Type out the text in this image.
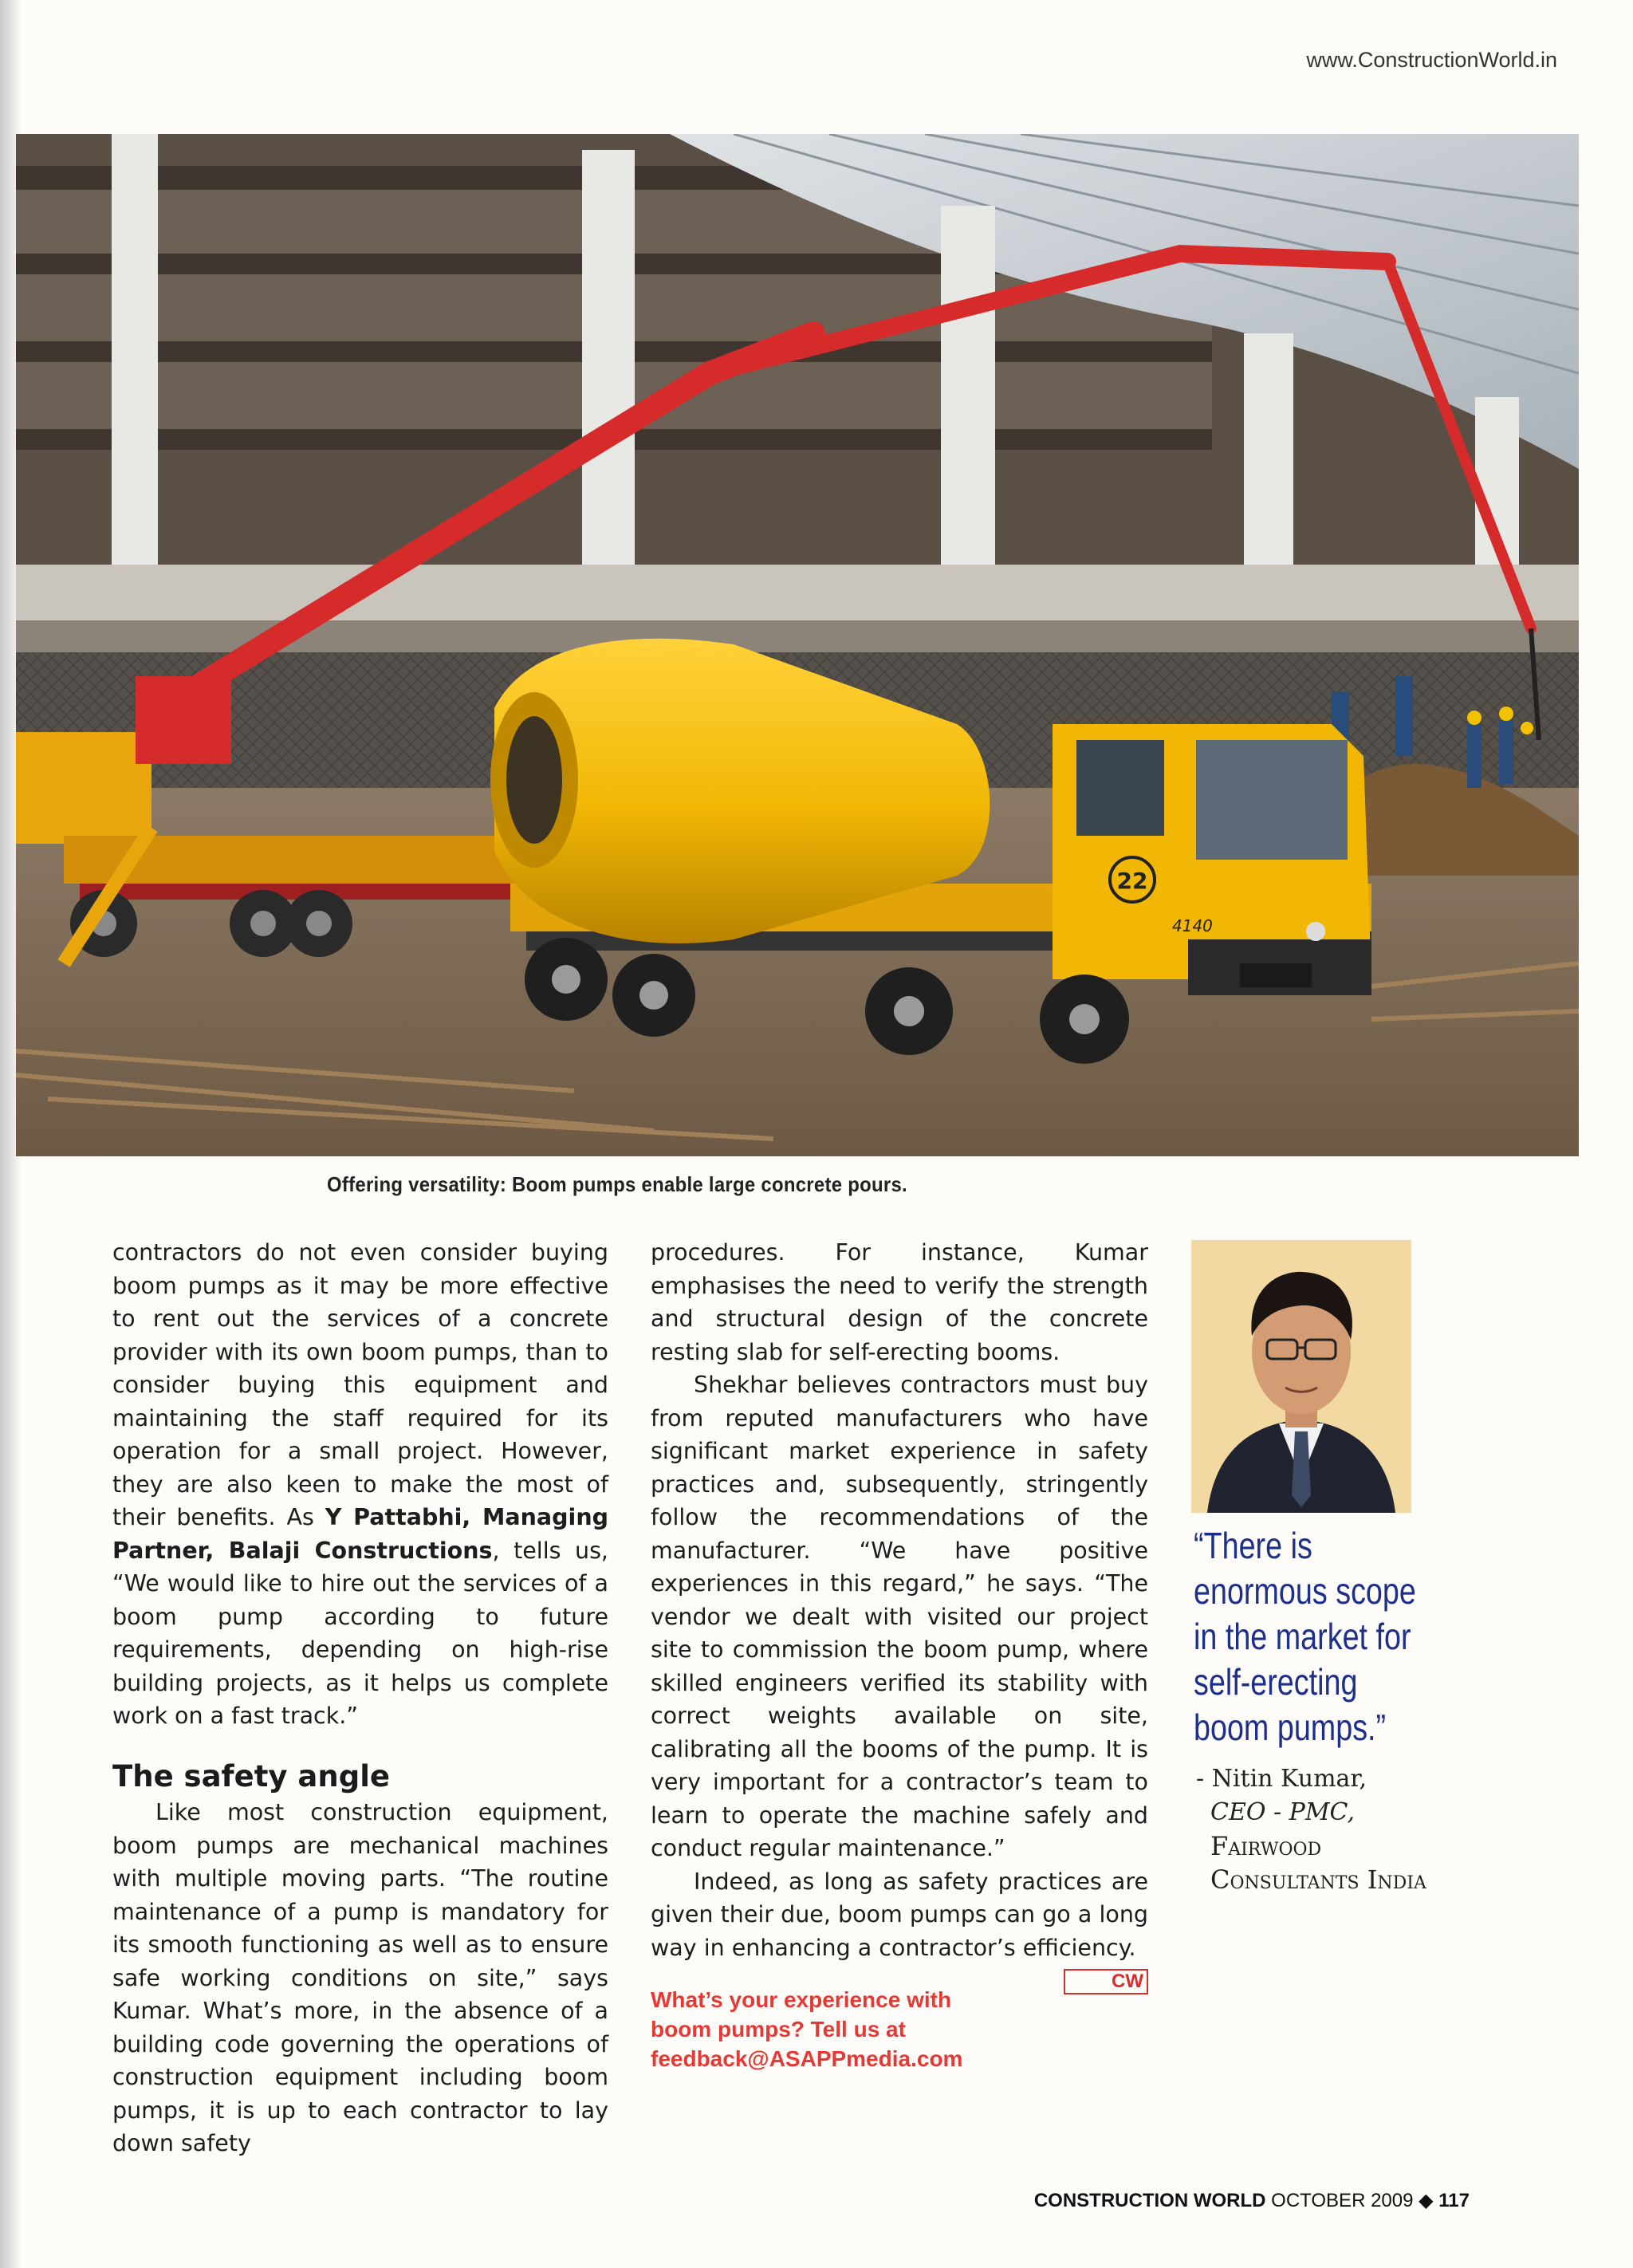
www.ConstructionWorld.in
22
4140
Offering versatility: Boom pumps enable large concrete pours.

contractors do not even consider buying boom pumps as it may be more effective to rent out the services of a concrete provider with its own boom pumps, than to consider buying this equipment and maintaining the staff required for its operation for a small project. However, they are also keen to make the most of their benefits. As Y Pattabhi, Managing Partner, Balaji Constructions, tells us, “We would like to hire out the services of a boom pump according to future requirements, depending on high-rise building projects, as it helps us complete work on a fast track.”

The safety angle

Like most construction equipment, boom pumps are mechanical machines with multiple moving parts. “The routine maintenance of a pump is mandatory for its smooth functioning as well as to ensure safe working conditions on site,” says Kumar. What’s more, in the absence of a building code governing the operations of construction equipment including boom pumps, it is up to each contractor to lay down safety

procedures. For instance, Kumar emphasises the need to verify the strength and structural design of the concrete resting slab for self-erecting booms.

Shekhar believes contractors must buy from reputed manufacturers who have significant market experience in safety practices and, subsequently, stringently follow the recommendations of the manufacturer. “We have positive experiences in this regard,” he says. “The vendor we dealt with visited our project site to commission the boom pump, where skilled engineers verified its stability with correct weights available on site, calibrating all the booms of the pump. It is very important for a contractor’s team to learn to operate the machine safely and conduct regular maintenance.”

Indeed, as long as safety practices are given their due, boom pumps can go a long way in enhancing a contractor’s efficiency.
CW

What’s your experience with
boom pumps? Tell us at
feedback@ASAPPmedia.com
“There is enormous scope in the market for self-erecting boom pumps.”
- Nitin Kumar,
CEO - PMC,
Fairwood
Consultants India
CONSTRUCTION WORLD OCTOBER 2009 ◆ 117
